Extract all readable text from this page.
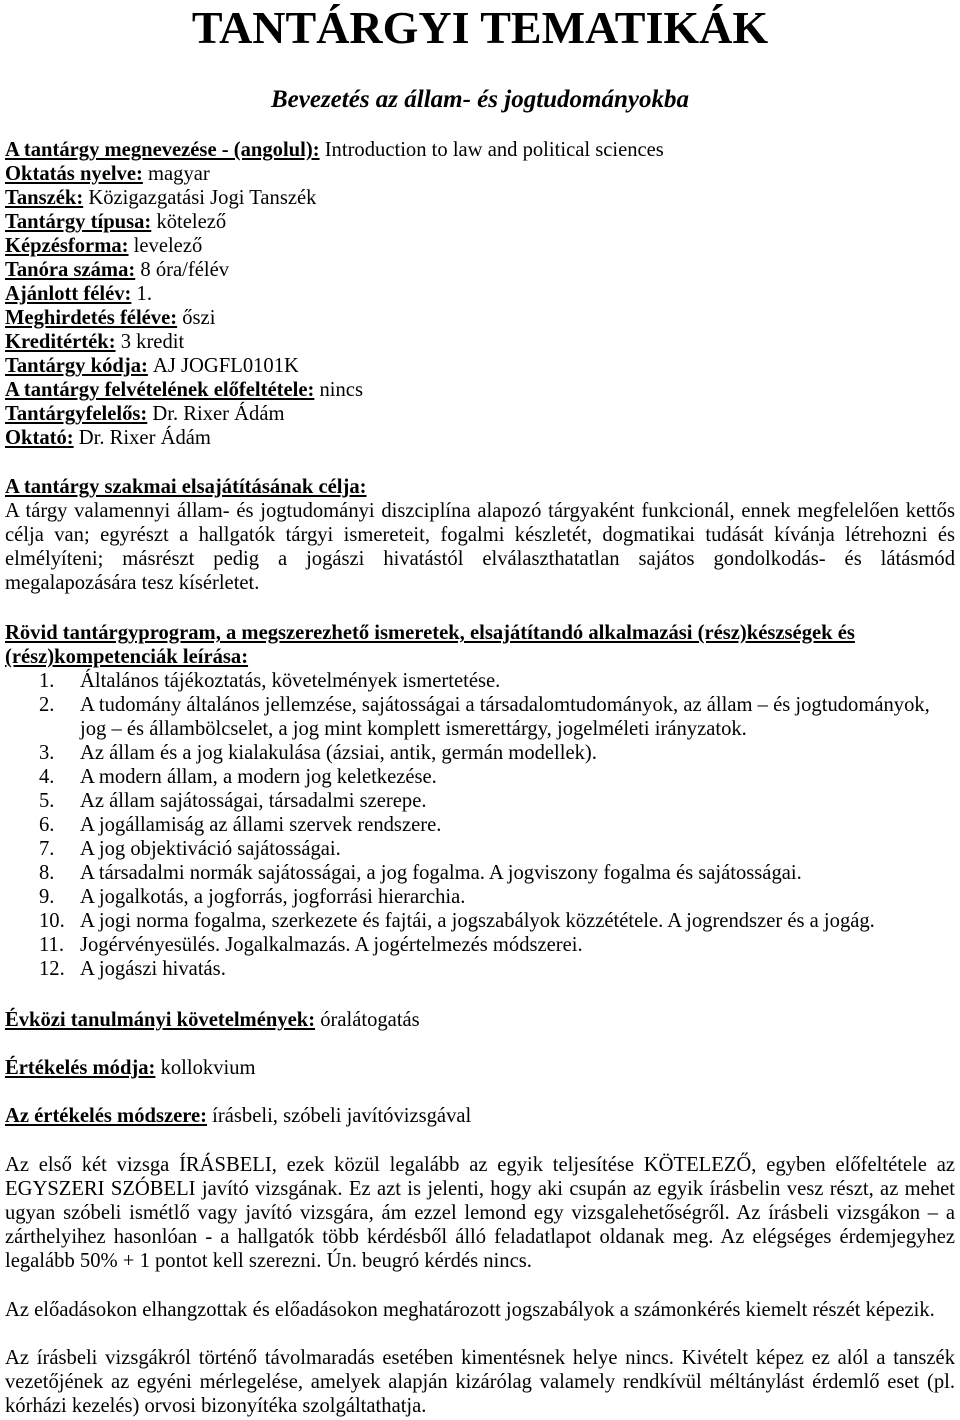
TANTÁRGYI TEMATIKÁK
Bevezetés az állam- és jogtudományokba
A tantárgy megnevezése - (angolul): Introduction to law and political sciences
Oktatás nyelve: magyar
Tanszék: Közigazgatási Jogi Tanszék
Tantárgy típusa: kötelező
Képzésforma: levelező
Tanóra száma: 8 óra/félév
Ajánlott félév: 1.
Meghirdetés féléve: őszi
Kreditérték: 3 kredit
Tantárgy kódja: AJ JOGFL0101K
A tantárgy felvételének előfeltétele: nincs
Tantárgyfelelős: Dr. Rixer Ádám
Oktató: Dr. Rixer Ádám
A tantárgy szakmai elsajátításának célja:
A tárgy valamennyi állam- és jogtudományi diszciplína alapozó tárgyaként funkcionál, ennek megfelelően kettős
célja van; egyrészt a hallgatók tárgyi ismereteit, fogalmi készletét, dogmatikai tudását kívánja létrehozni és
elmélyíteni; másrészt pedig a jogászi hivatástól elválaszthatatlan sajátos gondolkodás- és látásmód
megalapozására tesz kísérletet.
Rövid tantárgyprogram, a megszerezhető ismeretek, elsajátítandó alkalmazási (rész)készségek és
(rész)kompetenciák leírása:
1. Általános tájékoztatás, követelmények ismertetése.
2. A tudomány általános jellemzése, sajátosságai a társadalomtudományok, az állam – és jogtudományok,
jog – és állambölcselet, a jog mint komplett ismerettárgy, jogelméleti irányzatok.
3. Az állam és a jog kialakulása (ázsiai, antik, germán modellek).
4. A modern állam, a modern jog keletkezése.
5. Az állam sajátosságai, társadalmi szerepe.
6. A jogállamiság az állami szervek rendszere.
7. A jog objektiváció sajátosságai.
8. A társadalmi normák sajátosságai, a jog fogalma. A jogviszony fogalma és sajátosságai.
9. A jogalkotás, a jogforrás, jogforrási hierarchia.
10. A jogi norma fogalma, szerkezete és fajtái, a jogszabályok közzététele. A jogrendszer és a jogág.
11. Jogérvényesülés. Jogalkalmazás. A jogértelmezés módszerei.
12. A jogászi hivatás.
Évközi tanulmányi követelmények: óralátogatás
Értékelés módja: kollokvium
Az értékelés módszere: írásbeli, szóbeli javítóvizsgával
Az első két vizsga ÍRÁSBELI, ezek közül legalább az egyik teljesítése KÖTELEZŐ, egyben előfeltétele az
EGYSZERI SZÓBELI javító vizsgának. Ez azt is jelenti, hogy aki csupán az egyik írásbelin vesz részt, az mehet
ugyan szóbeli ismétlő vagy javító vizsgára, ám ezzel lemond egy vizsgalehetőségről. Az írásbeli vizsgákon – a
zárthelyihez hasonlóan - a hallgatók több kérdésből álló feladatlapot oldanak meg. Az elégséges érdemjegyhez
legalább 50% + 1 pontot kell szerezni. Ún. beugró kérdés nincs.
Az előadásokon elhangzottak és előadásokon meghatározott jogszabályok a számonkérés kiemelt részét képezik.
Az írásbeli vizsgákról történő távolmaradás esetében kimentésnek helye nincs. Kivételt képez ez alól a tanszék
vezetőjének az egyéni mérlegelése, amelyek alapján kizárólag valamely rendkívül méltánylást érdemlő eset (pl.
kórházi kezelés) orvosi bizonyítéka szolgáltathatja.
